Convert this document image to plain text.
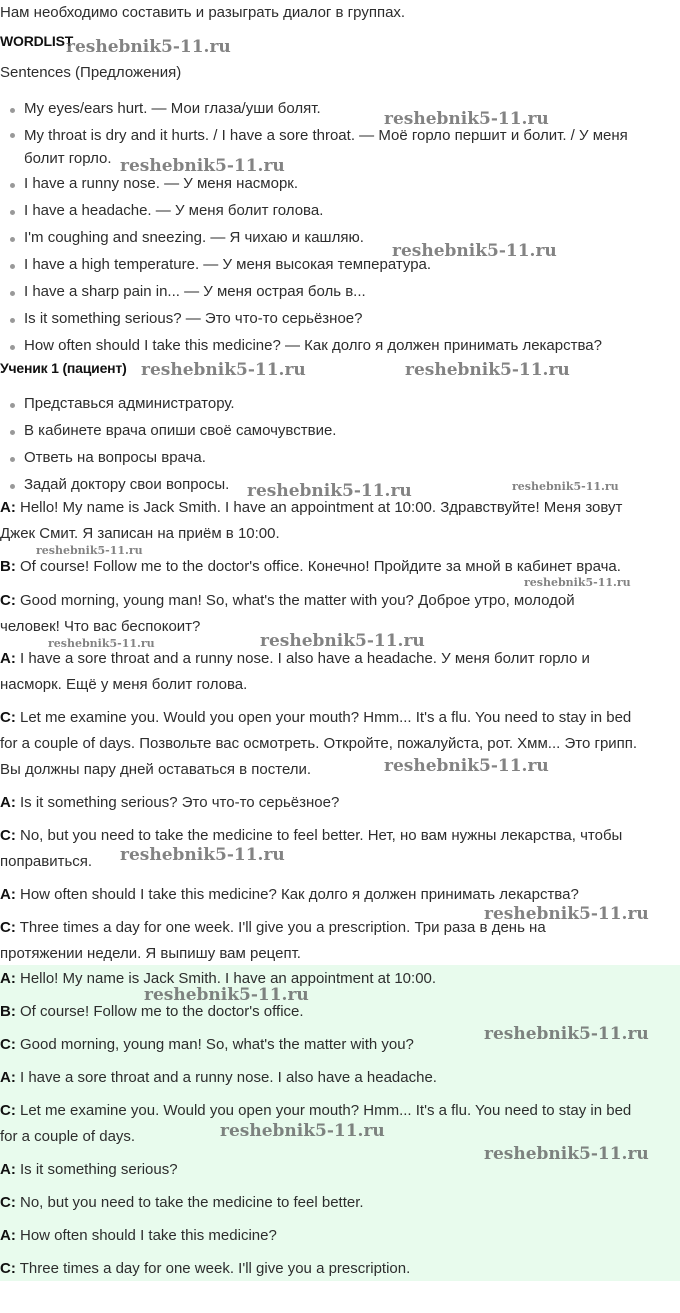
Нам необходимо составить и разыграть диалог в группах.

WORDLIST

Sentences (Предложения)

My eyes/ears hurt. — Мои глаза/уши болят.
My throat is dry and it hurts. / I have a sore throat. — Моё горло першит и болит. / У меня болит горло.
I have a runny nose. — У меня насморк.
I have a headache. — У меня болит голова.
I'm coughing and sneezing. — Я чихаю и кашляю.
I have a high temperature. — У меня высокая температура.
I have a sharp pain in... — У меня острая боль в...
Is it something serious? — Это что-то серьёзное?
How often should I take this medicine? — Как долго я должен принимать лекарства?

Ученик 1 (пациент)

Представься администратору.
В кабинете врача опиши своё самочувствие.
Ответь на вопросы врача.
Задай доктору свои вопросы.
A: Hello! My name is Jack Smith. I have an appointment at 10:00. Здравствуйте! Меня зовут
Джек Смит. Я записан на приём в 10:00.
B: Of course! Follow me to the doctor's office. Конечно! Пройдите за мной в кабинет врача.
C: Good morning, young man! So, what's the matter with you? Доброе утро, молодой
человек! Что вас беспокоит?
A: I have a sore throat and a runny nose. I also have a headache. У меня болит горло и
насморк. Ещё у меня болит голова.
C: Let me examine you. Would you open your mouth? Hmm... It's a flu. You need to stay in bed
for a couple of days. Позвольте вас осмотреть. Откройте, пожалуйста, рот. Хмм... Это грипп.
Вы должны пару дней оставаться в постели.
A: Is it something serious? Это что-то серьёзное?
C: No, but you need to take the medicine to feel better. Нет, но вам нужны лекарства, чтобы
поправиться.
A: How often should I take this medicine? Как долго я должен принимать лекарства?
C: Three times a day for one week. I'll give you a prescription. Три раза в день на
протяжении недели. Я выпишу вам рецепт.
A: Hello! My name is Jack Smith. I have an appointment at 10:00.
B: Of course! Follow me to the doctor's office.
C: Good morning, young man! So, what's the matter with you?
A: I have a sore throat and a runny nose. I also have a headache.
C: Let me examine you. Would you open your mouth? Hmm... It's a flu. You need to stay in bed
for a couple of days.
A: Is it something serious?
C: No, but you need to take the medicine to feel better.
A: How often should I take this medicine?
C: Three times a day for one week. I'll give you a prescription.
reshebnik5-11.ru
reshebnik5-11.ru
reshebnik5-11.ru
reshebnik5-11.ru
reshebnik5-11.ru	reshebnik5-11.ru
reshebnik5-11.ru	reshebnik5-11.ru
reshebnik5-11.ru
reshebnik5-11.ru
reshebnik5-11.ru	reshebnik5-11.ru
reshebnik5-11.ru
reshebnik5-11.ru
reshebnik5-11.ru
reshebnik5-11.ru
reshebnik5-11.ru
reshebnik5-11.ru
reshebnik5-11.ru
